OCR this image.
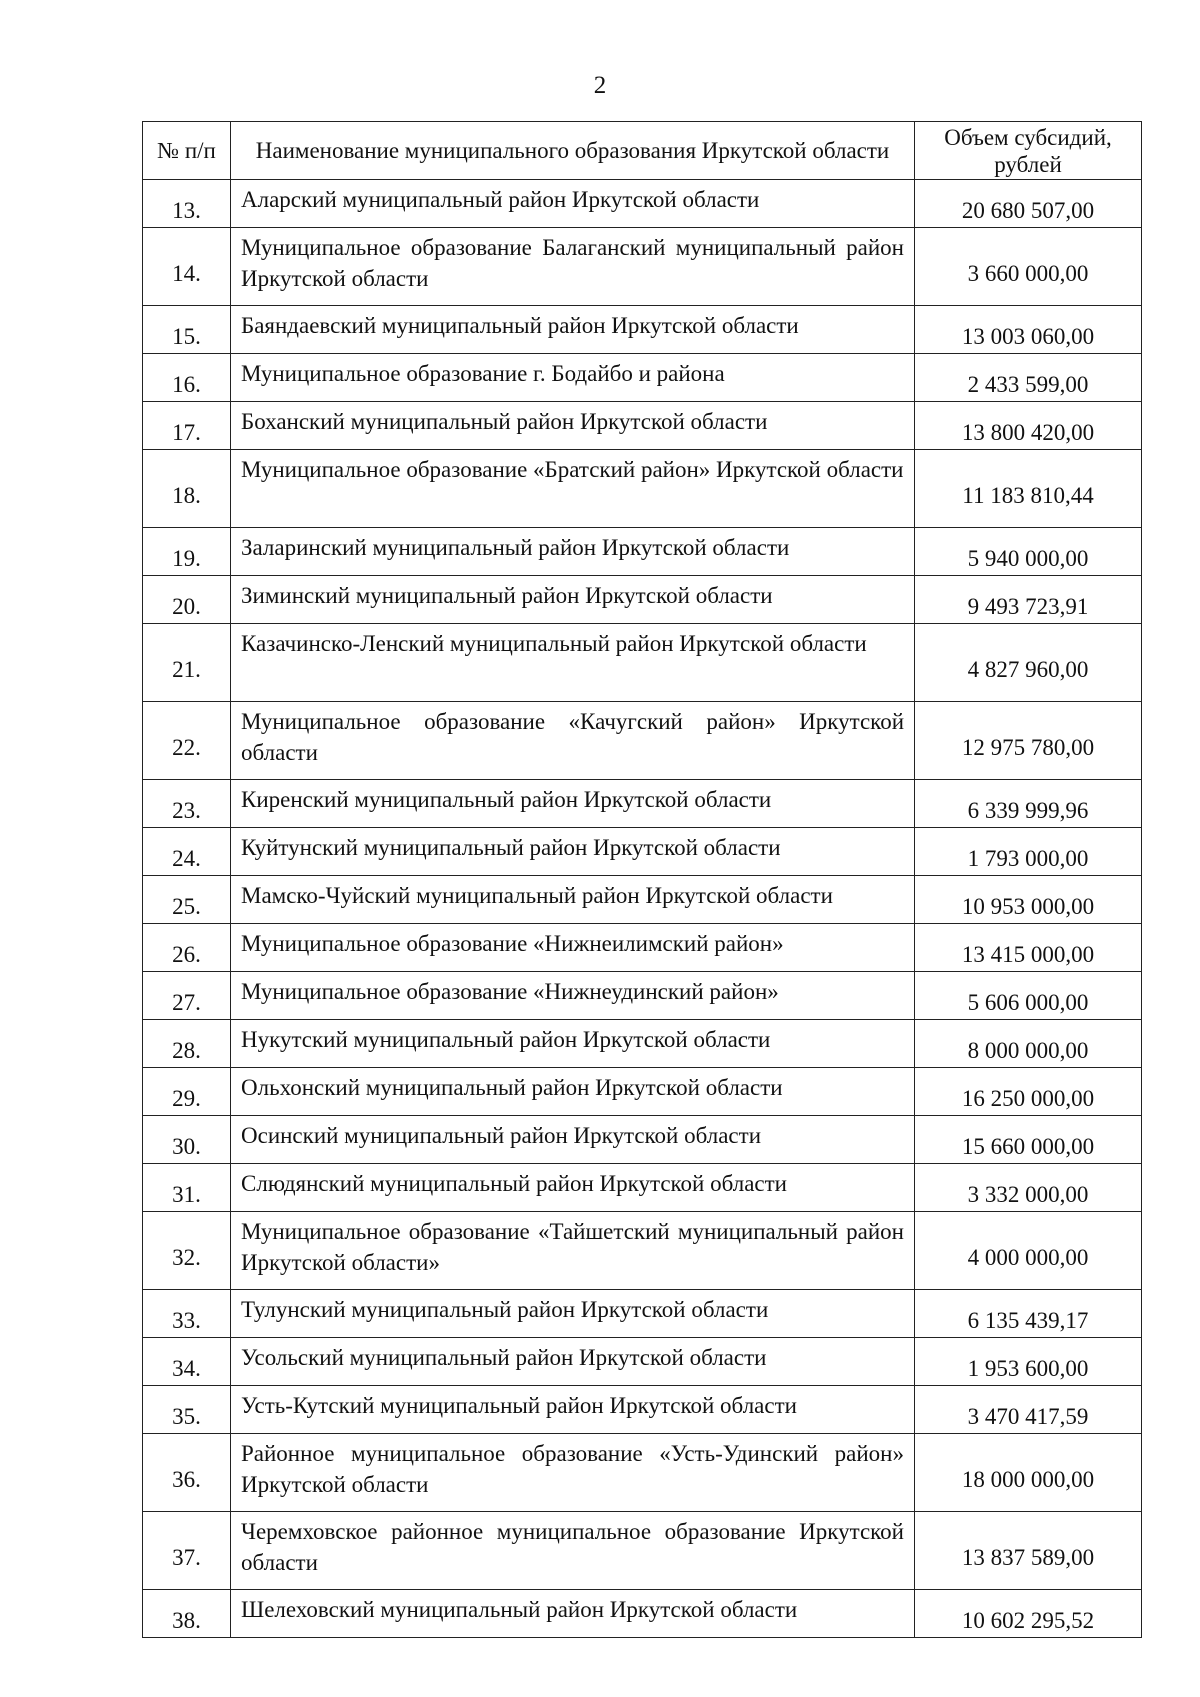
2
№ п/п	Наименование муниципального образования Иркутской области	Объем субсидий, рублей
13.	Аларский муниципальный район Иркутской области	20 680 507,00
14.	Муниципальное образование Балаганский муниципальный район Иркутской области	3 660 000,00
15.	Баяндаевский муниципальный район Иркутской области	13 003 060,00
16.	Муниципальное образование г. Бодайбо и района	2 433 599,00
17.	Боханский муниципальный район Иркутской области	13 800 420,00
18.	Муниципальное образование «Братский район» Иркутской области	11 183 810,44
19.	Заларинский муниципальный район Иркутской области	5 940 000,00
20.	Зиминский муниципальный район Иркутской области	9 493 723,91
21.	Казачинско-Ленский муниципальный район Иркутской области	4 827 960,00
22.	Муниципальное образование «Качугский район» Иркутской области	12 975 780,00
23.	Киренский муниципальный район Иркутской области	6 339 999,96
24.	Куйтунский муниципальный район Иркутской области	1 793 000,00
25.	Мамско-Чуйский муниципальный район Иркутской области	10 953 000,00
26.	Муниципальное образование «Нижнеилимский район»	13 415 000,00
27.	Муниципальное образование «Нижнеудинский район»	5 606 000,00
28.	Нукутский муниципальный район Иркутской области	8 000 000,00
29.	Ольхонский муниципальный район Иркутской области	16 250 000,00
30.	Осинский муниципальный район Иркутской области	15 660 000,00
31.	Слюдянский муниципальный район Иркутской области	3 332 000,00
32.	Муниципальное образование «Тайшетский муниципальный район Иркутской области»	4 000 000,00
33.	Тулунский муниципальный район Иркутской области	6 135 439,17
34.	Усольский муниципальный район Иркутской области	1 953 600,00
35.	Усть-Кутский муниципальный район Иркутской области	3 470 417,59
36.	Районное муниципальное образование «Усть-Удинский район» Иркутской области	18 000 000,00
37.	Черемховское районное муниципальное образование Иркутской области	13 837 589,00
38.	Шелеховский муниципальный район Иркутской области	10 602 295,52
